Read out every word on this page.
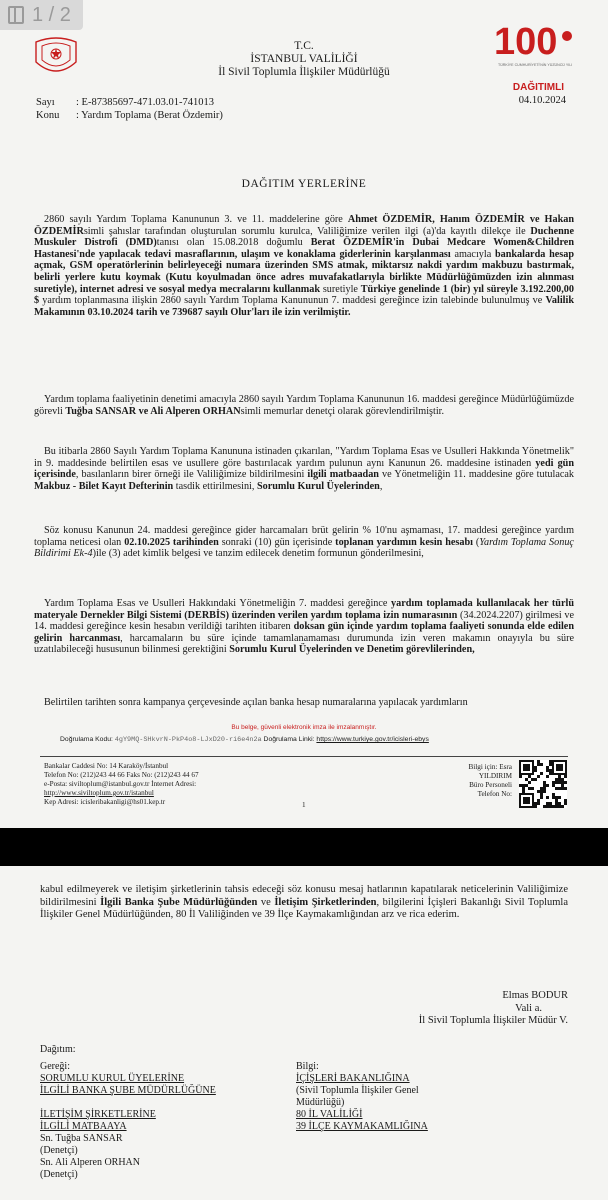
1 / 2
T.C.
İSTANBUL VALİLİĞİ
İl Sivil Toplumla İlişkiler Müdürlüğü
100
TÜRKİYE CUMHURİYETİ'NİN YÜZÜNCÜ YILI
DAĞITIMLI
04.10.2024
Sayı : E-87385697-471.03.01-741013
Konu : Yardım Toplama (Berat Özdemir)
DAĞITIM YERLERİNE
2860 sayılı Yardım Toplama Kanununun 3. ve 11. maddelerine göre Ahmet ÖZDEMİR, Hanım ÖZDEMİR ve Hakan ÖZDEMİRsimli şahıslar tarafından oluşturulan sorumlu kurulca, Valiliğimize verilen ilgi (a)'da kayıtlı dilekçe ile Duchenne Muskuler Distrofi (DMD)tanısı olan 15.08.2018 doğumlu Berat ÖZDEMİR'in Dubai Medcare Women&Children Hastanesi'nde yapılacak tedavi masraflarının, ulaşım ve konaklama giderlerinin karşılanması amacıyla bankalarda hesap açmak, GSM operatörlerinin belirleyeceği numara üzerinden SMS atmak, miktarsız nakdi yardım makbuzu bastırmak, belirli yerlere kutu koymak (Kutu koyulmadan önce adres muvafakatlarıyla birlikte Müdürlüğümüzden izin alınması suretiyle), internet adresi ve sosyal medya mecralarını kullanmak suretiyle Türkiye genelinde 1 (bir) yıl süreyle 3.192.200,00 $ yardım toplanmasına ilişkin 2860 sayılı Yardım Toplama Kanununun 7. maddesi gereğince izin talebinde bulunulmuş ve Valilik Makamının 03.10.2024 tarih ve 739687 sayılı Olur'ları ile izin verilmiştir.
Yardım toplama faaliyetinin denetimi amacıyla 2860 sayılı Yardım Toplama Kanununun 16. maddesi gereğince Müdürlüğümüzde görevli Tuğba SANSAR ve Ali Alperen ORHANsimli memurlar denetçi olarak görevlendirilmiştir.
Bu itibarla 2860 Sayılı Yardım Toplama Kanununa istinaden çıkarılan, "Yardım Toplama Esas ve Usulleri Hakkında Yönetmelik" in 9. maddesinde belirtilen esas ve usullere göre bastırılacak yardım pulunun aynı Kanunun 26. maddesine istinaden yedi gün içerisinde, basılanların birer örneği ile Valiliğimize bildirilmesini ilgili matbaadan ve Yönetmeliğin 11. maddesine göre tutulacak Makbuz - Bilet Kayıt Defterinin tasdik ettirilmesini, Sorumlu Kurul Üyelerinden,
Söz konusu Kanunun 24. maddesi gereğince gider harcamaları brüt gelirin % 10'nu aşmaması, 17. maddesi gereğince yardım toplama neticesi olan 02.10.2025 tarihinden sonraki (10) gün içerisinde toplanan yardımın kesin hesabı (Yardım Toplama Sonuç Bildirimi Ek-4)ile (3) adet kimlik belgesi ve tanzim edilecek denetim formunun gönderilmesini,
Yardım Toplama Esas ve Usulleri Hakkındaki Yönetmeliğin 7. maddesi gereğince yardım toplamada kullanılacak her türlü materyale Dernekler Bilgi Sistemi (DERBİS) üzerinden verilen yardım toplama izin numarasının (34.2024.2207) girilmesi ve 14. maddesi gereğince kesin hesabın verildiği tarihten itibaren doksan gün içinde yardım toplama faaliyeti sonunda elde edilen gelirin harcanması, harcamaların bu süre içinde tamamlanamaması durumunda izin veren makamın onayıyla bu süre uzatılabileceği hususunun bilinmesi gerektiğini Sorumlu Kurul Üyelerinden ve Denetim görevlilerinden,
Belirtilen tarihten sonra kampanya çerçevesinde açılan banka hesap numaralarına yapılacak yardımların
Bu belge, güvenli elektronik imza ile imzalanmıştır.
Doğrulama Kodu: 4gY9MQ-SHkvrN-PkP4o8-LJxD20-ri6e4n2a Doğrulama Linki: https://www.turkiye.gov.tr/icisleri-ebys
Bankalar Caddesi No: 14 Karaköy/İstanbul
Telefon No: (212)243 44 66 Faks No: (212)243 44 67
e-Posta: siviltoplum@istanbul.gov.tr İnternet Adresi:
http://www.siviltoplum.gov.tr/istanbul
Kep Adresi: icisleribakanligi@hs01.kep.tr	1
Bilgi için: Esra YILDIRIM
Büro Personeli
Telefon No:
kabul edilmeyerek ve iletişim şirketlerinin tahsis edeceği söz konusu mesaj hatlarının kapatılarak neticelerinin Valiliğimize bildirilmesini İlgili Banka Şube Müdürlüğünden ve İletişim Şirketlerinden, bilgilerini İçişleri Bakanlığı Sivil Toplumla İlişkiler Genel Müdürlüğünden, 80 İl Valiliğinden ve 39 İlçe Kaymakamlığından arz ve rica ederim.
Elmas BODUR
Vali a.
İl Sivil Toplumla İlişkiler Müdür V.
Dağıtım:
Gereği:
SORUMLU KURUL ÜYELERİNE
İLGİLİ BANKA ŞUBE MÜDÜRLÜĞÜNE

İLETİŞİM ŞİRKETLERİNE
İLGİLİ MATBAAYA
Sn. Tuğba SANSAR
(Denetçi)
Sn. Ali Alperen ORHAN
(Denetçi)
Bilgi:
İÇİŞLERİ BAKANLIĞINA
(Sivil Toplumla İlişkiler Genel
Müdürlüğü)
80 İL VALİLİĞİ
39 İLÇE KAYMAKAMLIĞINA
